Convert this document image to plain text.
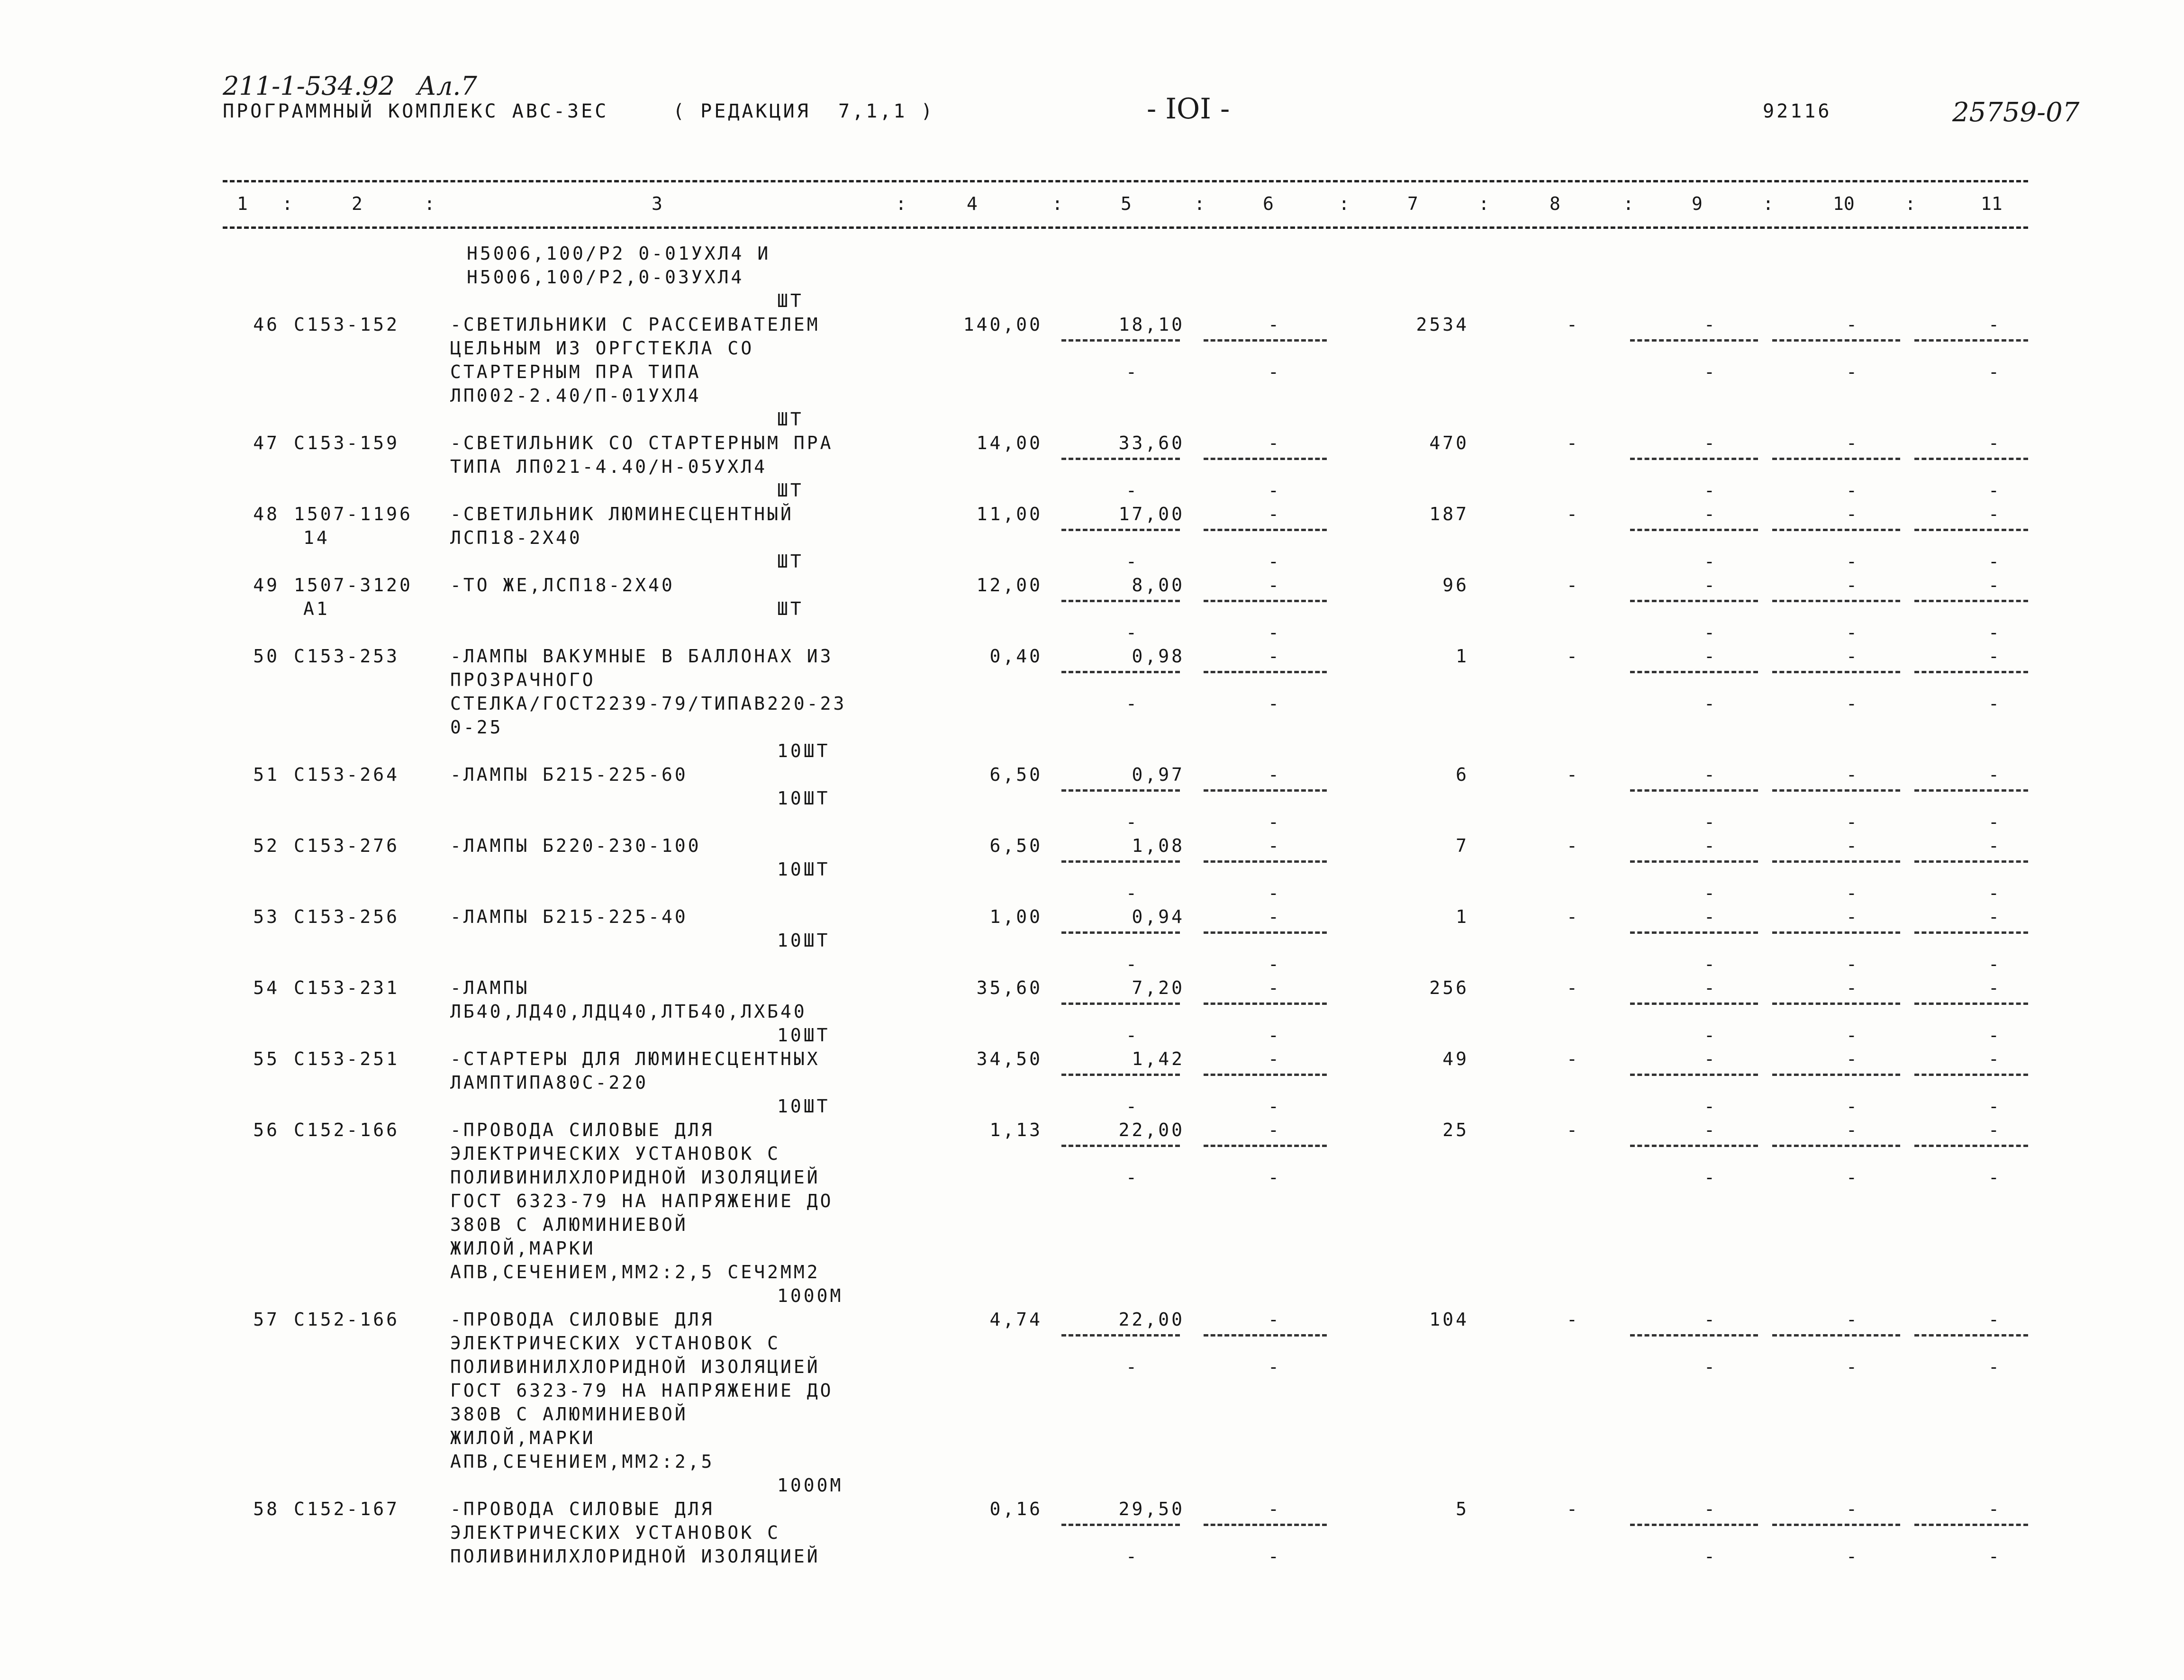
211-1-534.92 Ал.7
ПРОГРАММНЫЙ КОМПЛЕКС АВС-3ЕС	( РЕДАКЦИЯ  7,1,1 )	- IOI -	92116	25759-07
1 :	2	:	3	:	4	:	5	:	6	:	7	:	8	:	9	:	10	:	11
Н5006,100/Р2 0-01УХЛ4 И
Н5006,100/Р2,0-03УХЛ4
ШТ
46 С153-152	-СВЕТИЛЬНИКИ С РАССЕИВАТЕЛЕМ
ЦЕЛЬНЫМ ИЗ ОРГСТЕКЛА СО
СТАРТЕРНЫМ ПРА ТИПА
ЛП002-2.40/П-01УХЛ4
ШТ
140,00	18,10	-	2534	-	-	-	-
-	-	-	-	-
47 С153-159	-СВЕТИЛЬНИК СО СТАРТЕРНЫМ ПРА
ТИПА ЛП021-4.40/Н-05УХЛ4
ШТ
14,00	33,60	-	470	-	-	-	-
-	-	-	-	-
48 1507-1196
14
-СВЕТИЛЬНИК ЛЮМИНЕСЦЕНТНЫЙ
ЛСП18-2Х40
ШТ
11,00	17,00	-	187	-	-	-	-
-	-	-	-	-
49 1507-3120
А1
-ТО ЖЕ,ЛСП18-2Х40
ШТ
12,00	8,00	-	96	-	-	-	-
-	-	-	-	-
50 С153-253	-ЛАМПЫ ВАКУМНЫЕ В БАЛЛОНАХ ИЗ
ПРОЗРАЧНОГО
СТЕЛКА/ГОСТ2239-79/ТИПАВ220-23
0-25
10ШТ
0,40	0,98	-	1	-	-	-	-
-	-	-	-	-
51 С153-264	-ЛАМПЫ Б215-225-60
10ШТ
6,50	0,97	-	6	-	-	-	-
-	-	-	-	-
52 С153-276	-ЛАМПЫ Б220-230-100
10ШТ
6,50	1,08	-	7	-	-	-	-
-	-	-	-	-
53 С153-256	-ЛАМПЫ Б215-225-40
10ШТ
1,00	0,94	-	1	-	-	-	-
-	-	-	-	-
54 С153-231	-ЛАМПЫ
ЛБ40,ЛД40,ЛДЦ40,ЛТБ40,ЛХБ40
10ШТ
35,60	7,20	-	256	-	-	-	-
-	-	-	-	-
55 С153-251	-СТАРТЕРЫ ДЛЯ ЛЮМИНЕСЦЕНТНЫХ
ЛАМПТИПА80С-220
10ШТ
34,50	1,42	-	49	-	-	-	-
-	-	-	-	-
56 С152-166	-ПРОВОДА СИЛОВЫЕ ДЛЯ
ЭЛЕКТРИЧЕСКИХ УСТАНОВОК С
ПОЛИВИНИЛХЛОРИДНОЙ ИЗОЛЯЦИЕЙ
ГОСТ 6323-79 НА НАПРЯЖЕНИЕ ДО
380В С АЛЮМИНИЕВОЙ
ЖИЛОЙ,МАРКИ
АПВ,СЕЧЕНИЕМ,ММ2:2,5 СЕЧ2ММ2
1000М
1,13	22,00	-	25	-	-	-	-
-	-	-	-	-
57 С152-166	-ПРОВОДА СИЛОВЫЕ ДЛЯ
ЭЛЕКТРИЧЕСКИХ УСТАНОВОК С
ПОЛИВИНИЛХЛОРИДНОЙ ИЗОЛЯЦИЕЙ
ГОСТ 6323-79 НА НАПРЯЖЕНИЕ ДО
380В С АЛЮМИНИЕВОЙ
ЖИЛОЙ,МАРКИ
АПВ,СЕЧЕНИЕМ,ММ2:2,5
1000М
4,74	22,00	-	104	-	-	-	-
-	-	-	-	-
58 С152-167	-ПРОВОДА СИЛОВЫЕ ДЛЯ
ЭЛЕКТРИЧЕСКИХ УСТАНОВОК С
ПОЛИВИНИЛХЛОРИДНОЙ ИЗОЛЯЦИЕЙ
0,16	29,50	-	5	-	-	-	-
-	-	-	-	-
